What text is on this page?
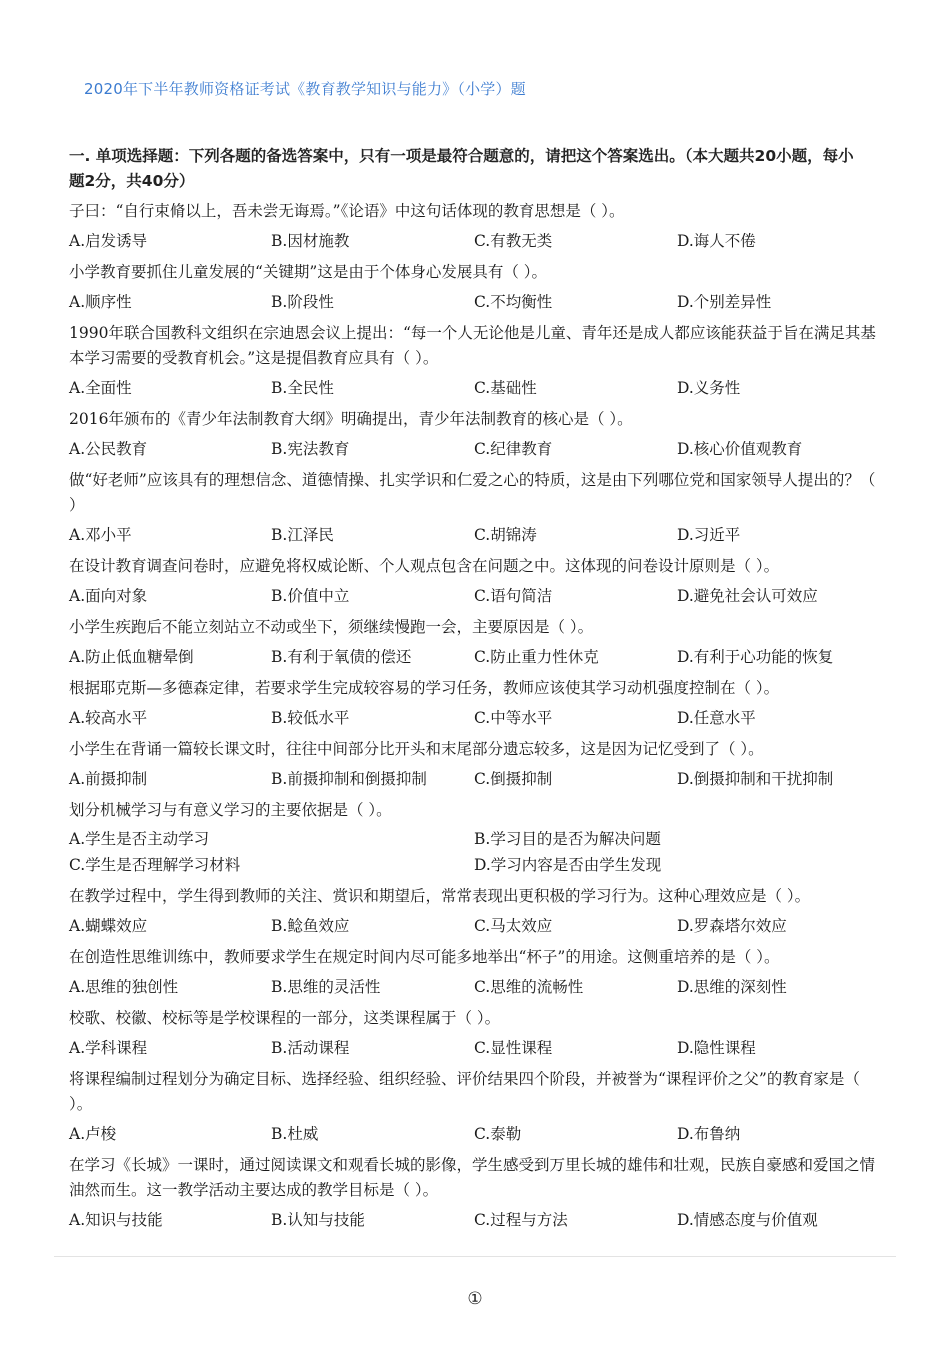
2020年下半年教师资格证考试《教育教学知识与能力》（小学）题
一. 单项选择题：下列各题的备选答案中，只有一项是最符合题意的，请把这个答案选出。（本大题共20小题，每小题2分，共40分）
子曰：“自行束脩以上，吾未尝无诲焉。”《论语》中这句话体现的教育思想是（ ）。
A.启发诱导	B.因材施教	C.有教无类	D.诲人不倦
小学教育要抓住儿童发展的“关键期”这是由于个体身心发展具有（ ）。
A.顺序性	B.阶段性	C.不均衡性	D.个别差异性
1990年联合国教科文组织在宗迪恩会议上提出：“每一个人无论他是儿童、青年还是成人都应该能获益于旨在满足其基本学习需要的受教育机会。”这是提倡教育应具有（ ）。
A.全面性	B.全民性	C.基础性	D.义务性
2016年颁布的《青少年法制教育大纲》明确提出，青少年法制教育的核心是（ ）。
A.公民教育	B.宪法教育	C.纪律教育	D.核心价值观教育
做“好老师”应该具有的理想信念、道德情操、扎实学识和仁爱之心的特质，这是由下列哪位党和国家领导人提出的？（ ）
A.邓小平	B.江泽民	C.胡锦涛	D.习近平
在设计教育调查问卷时，应避免将权威论断、个人观点包含在问题之中。这体现的问卷设计原则是（ ）。
A.面向对象	B.价值中立	C.语句简洁	D.避免社会认可效应
小学生疾跑后不能立刻站立不动或坐下，须继续慢跑一会，主要原因是（ ）。
A.防止低血糖晕倒	B.有利于氧债的偿还	C.防止重力性休克	D.有利于心功能的恢复
根据耶克斯—多德森定律，若要求学生完成较容易的学习任务，教师应该使其学习动机强度控制在（ ）。
A.较高水平	B.较低水平	C.中等水平	D.任意水平
小学生在背诵一篇较长课文时，往往中间部分比开头和末尾部分遗忘较多，这是因为记忆受到了（ ）。
A.前摄抑制	B.前摄抑制和倒摄抑制	C.倒摄抑制	D.倒摄抑制和干扰抑制
划分机械学习与有意义学习的主要依据是（ ）。
A.学生是否主动学习	B.学习目的是否为解决问题
C.学生是否理解学习材料	D.学习内容是否由学生发现
在教学过程中，学生得到教师的关注、赏识和期望后，常常表现出更积极的学习行为。这种心理效应是（ ）。
A.蝴蝶效应	B.鲶鱼效应	C.马太效应	D.罗森塔尔效应
在创造性思维训练中，教师要求学生在规定时间内尽可能多地举出“杯子”的用途。这侧重培养的是（ ）。
A.思维的独创性	B.思维的灵活性	C.思维的流畅性	D.思维的深刻性
校歌、校徽、校标等是学校课程的一部分，这类课程属于（ ）。
A.学科课程	B.活动课程	C.显性课程	D.隐性课程
将课程编制过程划分为确定目标、选择经验、组织经验、评价结果四个阶段，并被誉为“课程评价之父”的教育家是（ ）。
A.卢梭	B.杜威	C.泰勒	D.布鲁纳
在学习《长城》一课时，通过阅读课文和观看长城的影像，学生感受到万里长城的雄伟和壮观，民族自豪感和爱国之情油然而生。这一教学活动主要达成的教学目标是（ ）。
A.知识与技能	B.认知与技能	C.过程与方法	D.情感态度与价值观
①
